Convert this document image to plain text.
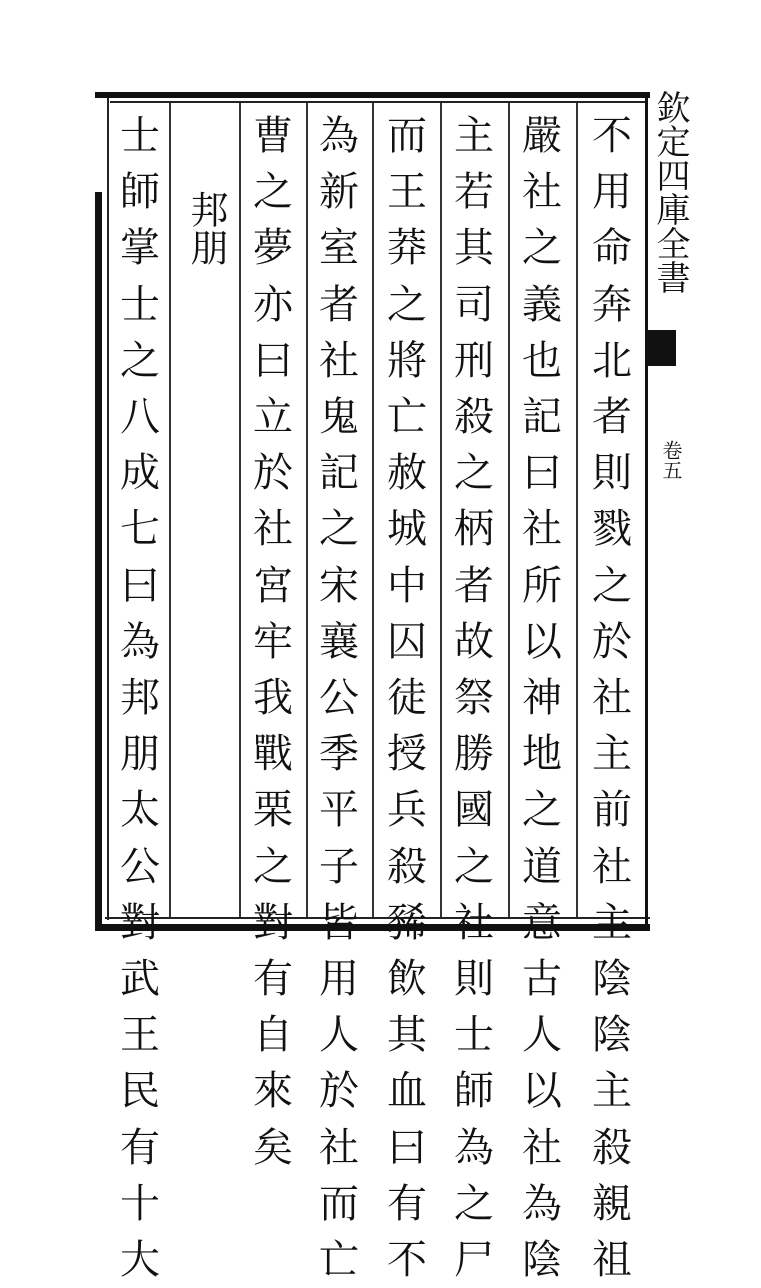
欽定四庫全書
卷五
不
用
命
奔
北
者
則
戮
之
於
社
主
前
社
主
陰
陰
主
殺
親
祖
嚴
社
之
義
也
記
曰
社
所
以
神
地
之
道
意
古
人
以
社
為
陰
主
若
其
司
刑
殺
之
柄
者
故
祭
勝
國
之
社
則
士
師
為
之
尸
而
王
莽
之
將
亡
赦
城
中
囚
徒
授
兵
殺
豨
飲
其
血
曰
有
不
為
新
室
者
社
鬼
記
之
宋
襄
公
季
平
子
皆
用
人
於
社
而
亡
曹
之
夢
亦
曰
立
於
社
宮
牢
我
戰
栗
之
對
有
自
來
矣
邦朋
士
師
掌
士
之
八
成
七
曰
為
邦
朋
太
公
對
武
王
民
有
十
大
